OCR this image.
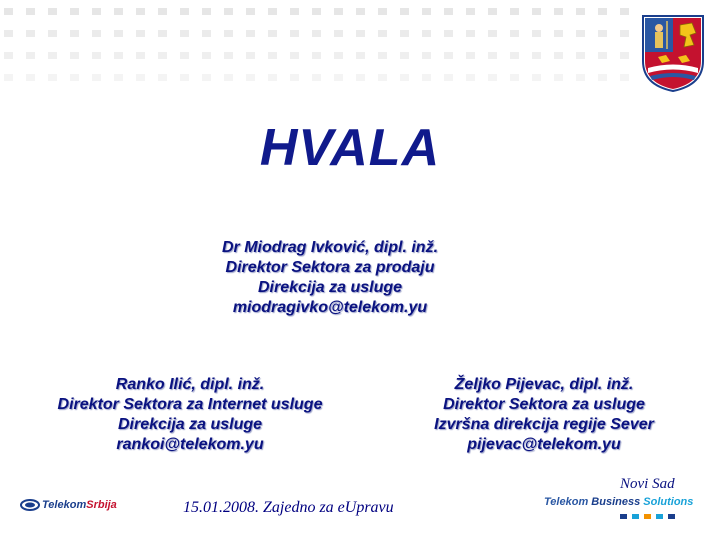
HVALA
Dr Miodrag Ivković, dipl. inž.
Direktor Sektora za prodaju
Direkcija za usluge
miodragivko@telekom.yu
Ranko Ilić, dipl. inž.
Direktor Sektora za Internet usluge
Direkcija za usluge
rankoi@telekom.yu
Željko Pijevac, dipl. inž.
Direktor Sektora za usluge
Izvršna direkcija regije Sever
pijevac@telekom.yu
Telekom Srbija	15.01.2008. Zajedno za eUpravu
Novi Sad
Telekom Business Solutions
